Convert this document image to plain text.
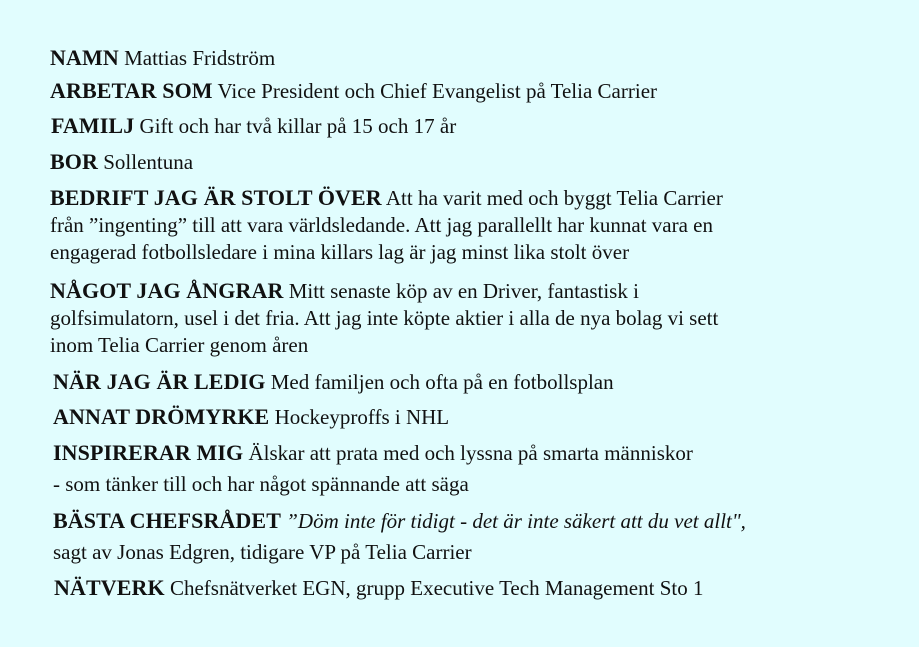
NAMN Mattias Fridström
ARBETAR SOM Vice President och Chief Evangelist på Telia Carrier
FAMILJ Gift och har två killar på 15 och 17 år
BOR Sollentuna
BEDRIFT JAG ÄR STOLT ÖVER Att ha varit med och byggt Telia Carrier
från ”ingenting” till att vara världsledande. Att jag parallellt har kunnat vara en
engagerad fotbollsledare i mina killars lag är jag minst lika stolt över
NÅGOT JAG ÅNGRAR Mitt senaste köp av en Driver, fantastisk i
golfsimulatorn, usel i det fria. Att jag inte köpte aktier i alla de nya bolag vi sett
inom Telia Carrier genom åren
NÄR JAG ÄR LEDIG Med familjen och ofta på en fotbollsplan
ANNAT DRÖMYRKE Hockeyproffs i NHL
INSPIRERAR MIG Älskar att prata med och lyssna på smarta människor
- som tänker till och har något spännande att säga
BÄSTA CHEFSRÅDET ”Döm inte för tidigt - det är inte säkert att du vet allt",
sagt av Jonas Edgren, tidigare VP på Telia Carrier
NÄTVERK Chefsnätverket EGN, grupp Executive Tech Management Sto 1
